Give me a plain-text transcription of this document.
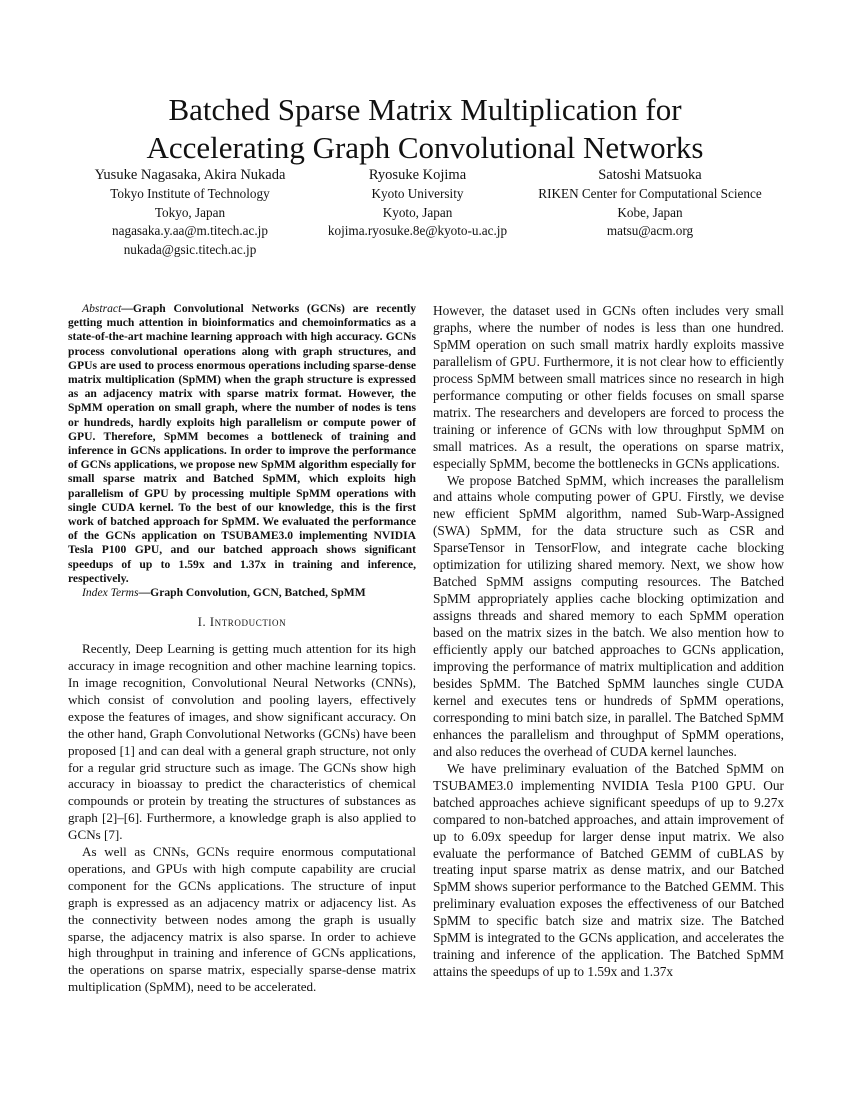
Batched Sparse Matrix Multiplication for
Accelerating Graph Convolutional Networks
Yusuke Nagasaka, Akira Nukada
Tokyo Institute of Technology
Tokyo, Japan
nagasaka.y.aa@m.titech.ac.jp
nukada@gsic.titech.ac.jp
Ryosuke Kojima
Kyoto University
Kyoto, Japan
kojima.ryosuke.8e@kyoto-u.ac.jp
Satoshi Matsuoka
RIKEN Center for Computational Science
Kobe, Japan
matsu@acm.org

Abstract—Graph Convolutional Networks (GCNs) are recently getting much attention in bioinformatics and chemoinformatics as a state-of-the-art machine learning approach with high accuracy. GCNs process convolutional operations along with graph structures, and GPUs are used to process enormous operations including sparse-dense matrix multiplication (SpMM) when the graph structure is expressed as an adjacency matrix with sparse matrix format. However, the SpMM operation on small graph, where the number of nodes is tens or hundreds, hardly exploits high parallelism or compute power of GPU. Therefore, SpMM becomes a bottleneck of training and inference in GCNs applications. In order to improve the performance of GCNs applications, we propose new SpMM algorithm especially for small sparse matrix and Batched SpMM, which exploits high parallelism of GPU by processing multiple SpMM operations with single CUDA kernel. To the best of our knowledge, this is the first work of batched approach for SpMM. We evaluated the performance of the GCNs application on TSUBAME3.0 implementing NVIDIA Tesla P100 GPU, and our batched approach shows significant speedups of up to 1.59x and 1.37x in training and inference, respectively.

Index Terms—Graph Convolution, GCN, Batched, SpMM

I. Introduction

Recently, Deep Learning is getting much attention for its high accuracy in image recognition and other machine learning topics. In image recognition, Convolutional Neural Networks (CNNs), which consist of convolution and pooling layers, effectively expose the features of images, and show significant accuracy. On the other hand, Graph Convolutional Networks (GCNs) have been proposed [1] and can deal with a general graph structure, not only for a regular grid structure such as image. The GCNs show high accuracy in bioassay to predict the characteristics of chemical compounds or protein by treating the structures of substances as graph [2]–[6]. Furthermore, a knowledge graph is also applied to GCNs [7].

As well as CNNs, GCNs require enormous computational operations, and GPUs with high compute capability are crucial component for the GCNs applications. The structure of input graph is expressed as an adjacency matrix or adjacency list. As the connectivity between nodes among the graph is usually sparse, the adjacency matrix is also sparse. In order to achieve high throughput in training and inference of GCNs applications, the operations on sparse matrix, especially sparse-dense matrix multiplication (SpMM), need to be accelerated.

However, the dataset used in GCNs often includes very small graphs, where the number of nodes is less than one hundred. SpMM operation on such small matrix hardly exploits massive parallelism of GPU. Furthermore, it is not clear how to efficiently process SpMM between small matrices since no research in high performance computing or other fields focuses on small sparse matrix. The researchers and developers are forced to process the training or inference of GCNs with low throughput SpMM on small matrices. As a result, the operations on sparse matrix, especially SpMM, become the bottlenecks in GCNs applications.

We propose Batched SpMM, which increases the parallelism and attains whole computing power of GPU. Firstly, we devise new efficient SpMM algorithm, named Sub-Warp-Assigned (SWA) SpMM, for the data structure such as CSR and SparseTensor in TensorFlow, and integrate cache blocking optimization for utilizing shared memory. Next, we show how Batched SpMM assigns computing resources. The Batched SpMM appropriately applies cache blocking optimization and assigns threads and shared memory to each SpMM operation based on the matrix sizes in the batch. We also mention how to efficiently apply our batched approaches to GCNs application, improving the performance of matrix multiplication and addition besides SpMM. The Batched SpMM launches single CUDA kernel and executes tens or hundreds of SpMM operations, corresponding to mini batch size, in parallel. The Batched SpMM enhances the parallelism and throughput of SpMM operations, and also reduces the overhead of CUDA kernel launches.

We have preliminary evaluation of the Batched SpMM on TSUBAME3.0 implementing NVIDIA Tesla P100 GPU. Our batched approaches achieve significant speedups of up to 9.27x compared to non-batched approaches, and attain improvement of up to 6.09x speedup for larger dense input matrix. We also evaluate the performance of Batched GEMM of cuBLAS by treating input sparse matrix as dense matrix, and our Batched SpMM shows superior performance to the Batched GEMM. This preliminary evaluation exposes the effectiveness of our Batched SpMM to specific batch size and matrix size. The Batched SpMM is integrated to the GCNs application, and accelerates the training and inference of the application. The Batched SpMM attains the speedups of up to 1.59x and 1.37x
